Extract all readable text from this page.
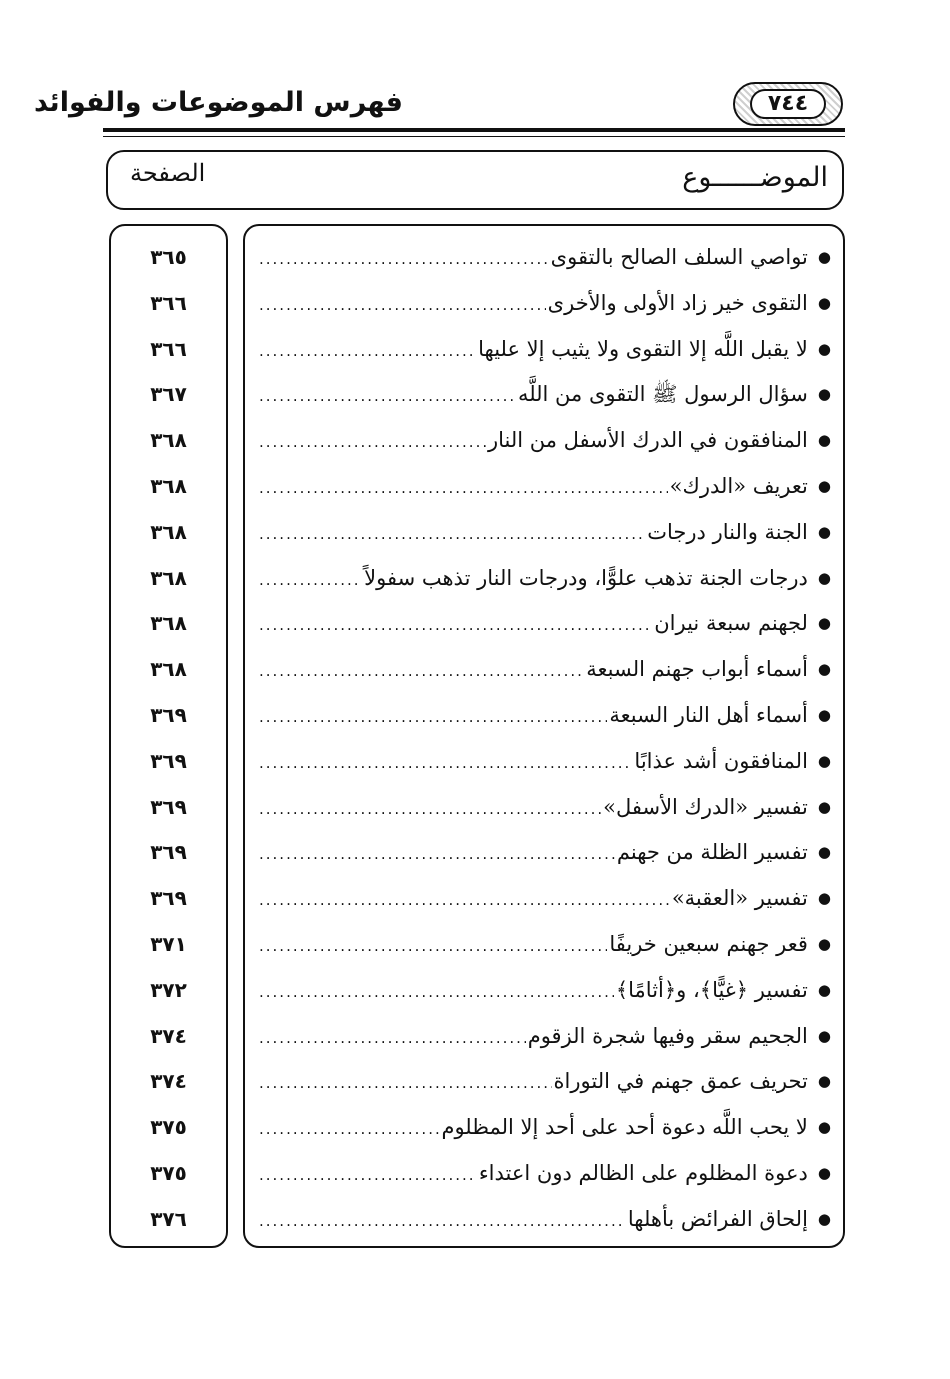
٧٤٤
فهرس الموضوعات والفوائد
الموضــــــوع
الصفحة
٣٦٥
٣٦٦
٣٦٦
٣٦٧
٣٦٨
٣٦٨
٣٦٨
٣٦٨
٣٦٨
٣٦٨
٣٦٩
٣٦٩
٣٦٩
٣٦٩
٣٦٩
٣٧١
٣٧٢
٣٧٤
٣٧٤
٣٧٥
٣٧٥
٣٧٦
●
تواصي السلف الصالح بالتقوى
.....
●
التقوى خير زاد الأولى والأخرى
.....
●
لا يقبل اللَّه إلا التقوى ولا يثيب إلا عليها
.....
●
سؤال الرسول ﷺ التقوى من اللَّه
.....
●
المنافقون في الدرك الأسفل من النار
.....
●
تعريف «الدرك»
.....
●
الجنة والنار درجات
.....
●
درجات الجنة تذهب علوًّا، ودرجات النار تذهب سفولاً
.....
●
لجهنم سبعة نيران
.....
●
أسماء أبواب جهنم السبعة
.....
●
أسماء أهل النار السبعة
.....
●
المنافقون أشد عذابًا
.....
●
تفسير «الدرك الأسفل»
.....
●
تفسير الظلة من جهنم
.....
●
تفسير «العقبة»
.....
●
قعر جهنم سبعين خريفًا
.....
●
تفسير ﴿غيًّا﴾، و﴿أثامًا﴾
.....
●
الجحيم سقر وفيها شجرة الزقوم
.....
●
تحريف عمق جهنم في التوراة
.....
●
لا يحب اللَّه دعوة أحد على أحد إلا المظلوم
.....
●
دعوة المظلوم على الظالم دون اعتداء
.....
●
إلحاق الفرائض بأهلها
.....
